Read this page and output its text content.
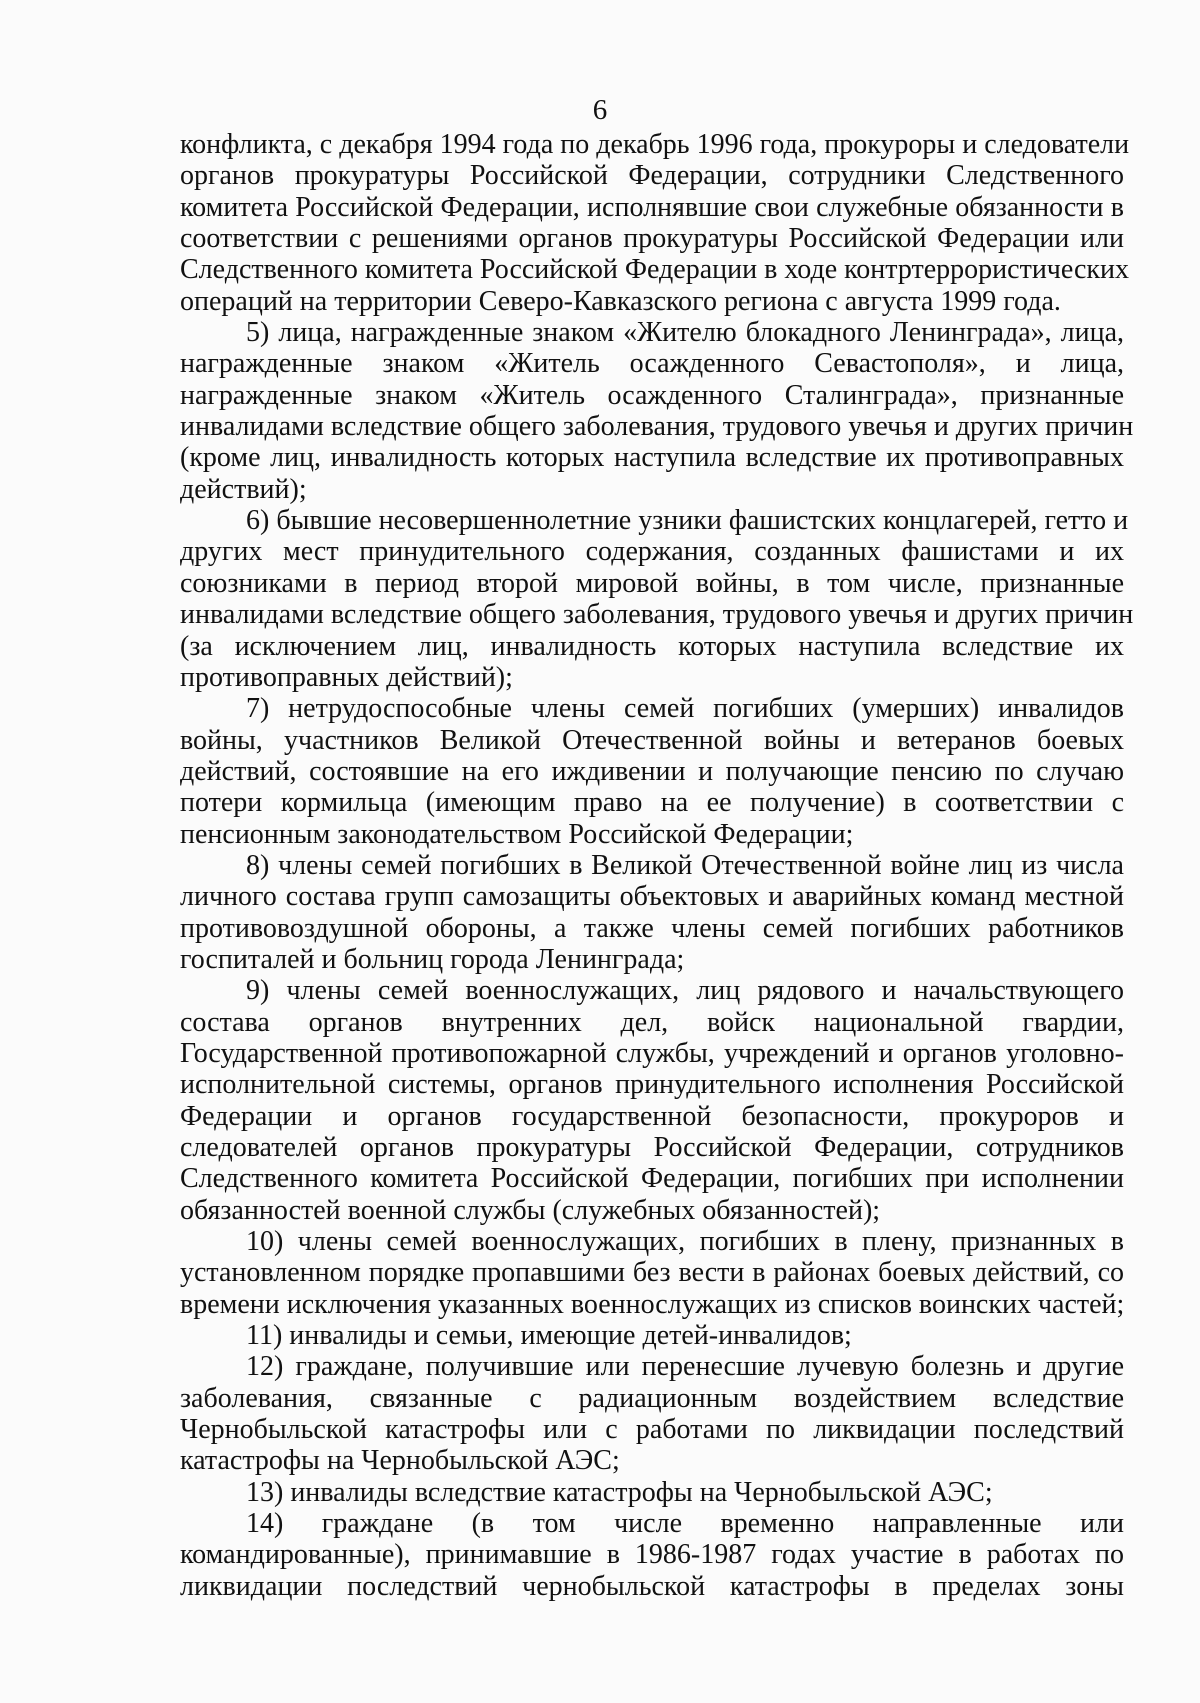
6
конфликта, с декабря 1994 года по декабрь 1996 года, прокуроры и следователи
органов прокуратуры Российской Федерации, сотрудники Следственного
комитета Российской Федерации, исполнявшие свои служебные обязанности в
соответствии с решениями органов прокуратуры Российской Федерации или
Следственного комитета Российской Федерации в ходе контртеррористических
операций на территории Северо-Кавказского региона с августа 1999 года.
5) лица, награжденные знаком «Жителю блокадного Ленинграда», лица,
награжденные знаком «Житель осажденного Севастополя», и лица,
награжденные знаком «Житель осажденного Сталинграда», признанные
инвалидами вследствие общего заболевания, трудового увечья и других причин
(кроме лиц, инвалидность которых наступила вследствие их противоправных
действий);
6) бывшие несовершеннолетние узники фашистских концлагерей, гетто и
других мест принудительного содержания, созданных фашистами и их
союзниками в период второй мировой войны, в том числе, признанные
инвалидами вследствие общего заболевания, трудового увечья и других причин
(за исключением лиц, инвалидность которых наступила вследствие их
противоправных действий);
7) нетрудоспособные члены семей погибших (умерших) инвалидов
войны, участников Великой Отечественной войны и ветеранов боевых
действий, состоявшие на его иждивении и получающие пенсию по случаю
потери кормильца (имеющим право на ее получение) в соответствии с
пенсионным законодательством Российской Федерации;
8) члены семей погибших в Великой Отечественной войне лиц из числа
личного состава групп самозащиты объектовых и аварийных команд местной
противовоздушной обороны, а также члены семей погибших работников
госпиталей и больниц города Ленинграда;
9) члены семей военнослужащих, лиц рядового и начальствующего
состава органов внутренних дел, войск национальной гвардии,
Государственной противопожарной службы, учреждений и органов уголовно-
исполнительной системы, органов принудительного исполнения Российской
Федерации и органов государственной безопасности, прокуроров и
следователей органов прокуратуры Российской Федерации, сотрудников
Следственного комитета Российской Федерации, погибших при исполнении
обязанностей военной службы (служебных обязанностей);
10) члены семей военнослужащих, погибших в плену, признанных в
установленном порядке пропавшими без вести в районах боевых действий, со
времени исключения указанных военнослужащих из списков воинских частей;
11) инвалиды и семьи, имеющие детей-инвалидов;
12) граждане, получившие или перенесшие лучевую болезнь и другие
заболевания, связанные с радиационным воздействием вследствие
Чернобыльской катастрофы или с работами по ликвидации последствий
катастрофы на Чернобыльской АЭС;
13) инвалиды вследствие катастрофы на Чернобыльской АЭС;
14) граждане (в том числе временно направленные или
командированные), принимавшие в 1986-1987 годах участие в работах по
ликвидации последствий чернобыльской катастрофы в пределах зоны
